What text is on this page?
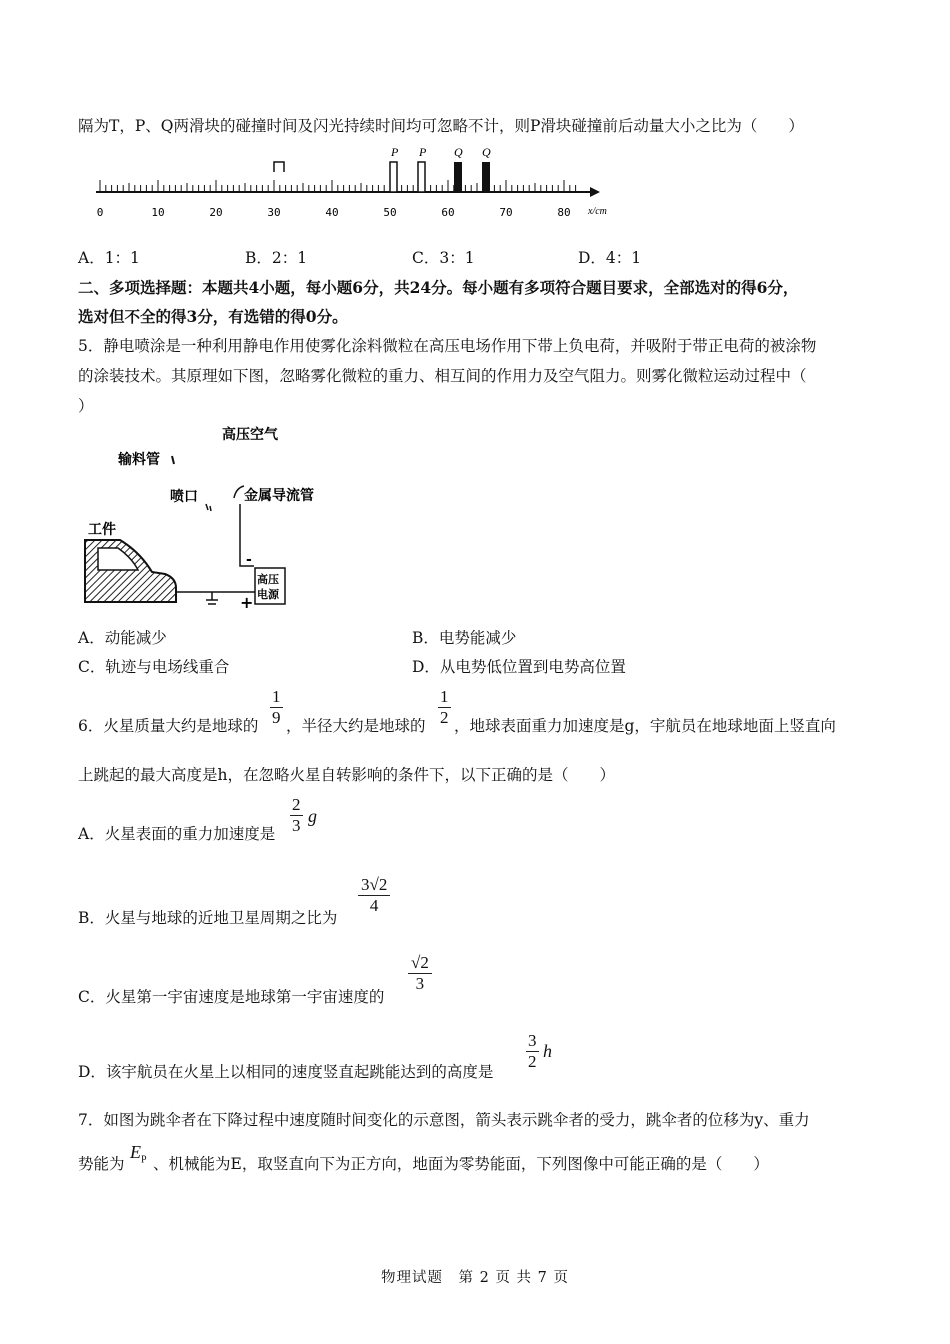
隔为T，P、Q两滑块的碰撞时间及闪光持续时间均可忽略不计，则P滑块碰撞前后动量大小之比为（　　）
P P Q Q
0	10	20	30	40	50	60	70	80 x/cm
A．1：1	B．2：1	C．3：1	D．4：1
二、多项选择题：本题共4小题，每小题6分，共24分。每小题有多项符合题目要求，全部选对的得6分，
选对但不全的得3分，有选错的得0分。
5．静电喷涂是一种利用静电作用使雾化涂料微粒在高压电场作用下带上负电荷，并吸附于带正电荷的被涂物
的涂装技术。其原理如下图，忽略雾化微粒的重力、相互间的作用力及空气阻力。则雾化微粒运动过程中（
）
高压空气
输料管
喷口	金属导流管
工件
-
高压
电源
+
A．动能减少	B．电势能减少
C．轨迹与电场线重合	D．从电势低位置到电势高位置
6．火星质量大约是地球的
1
9 ，半径大约是地球的
1
2 ，地球表面重力加速度是g，宇航员在地球地面上竖直向
上跳起的最大高度是h，在忽略火星自转影响的条件下，以下正确的是（　　）
A．火星表面的重力加速度是
2
3 g
B．火星与地球的近地卫星周期之比为
3√2
4
C．火星第一宇宙速度是地球第一宇宙速度的
√2
3
D．该宇航员在火星上以相同的速度竖直起跳能达到的高度是
3
2
h
7．如图为跳伞者在下降过程中速度随时间变化的示意图，箭头表示跳伞者的受力，跳伞者的位移为y、重力
势能为
$E_P$ 、机械能为E，取竖直向下为正方向，地面为零势能面，下列图像中可能正确的是（　　）
物理试题　第 2 页 共 7 页
